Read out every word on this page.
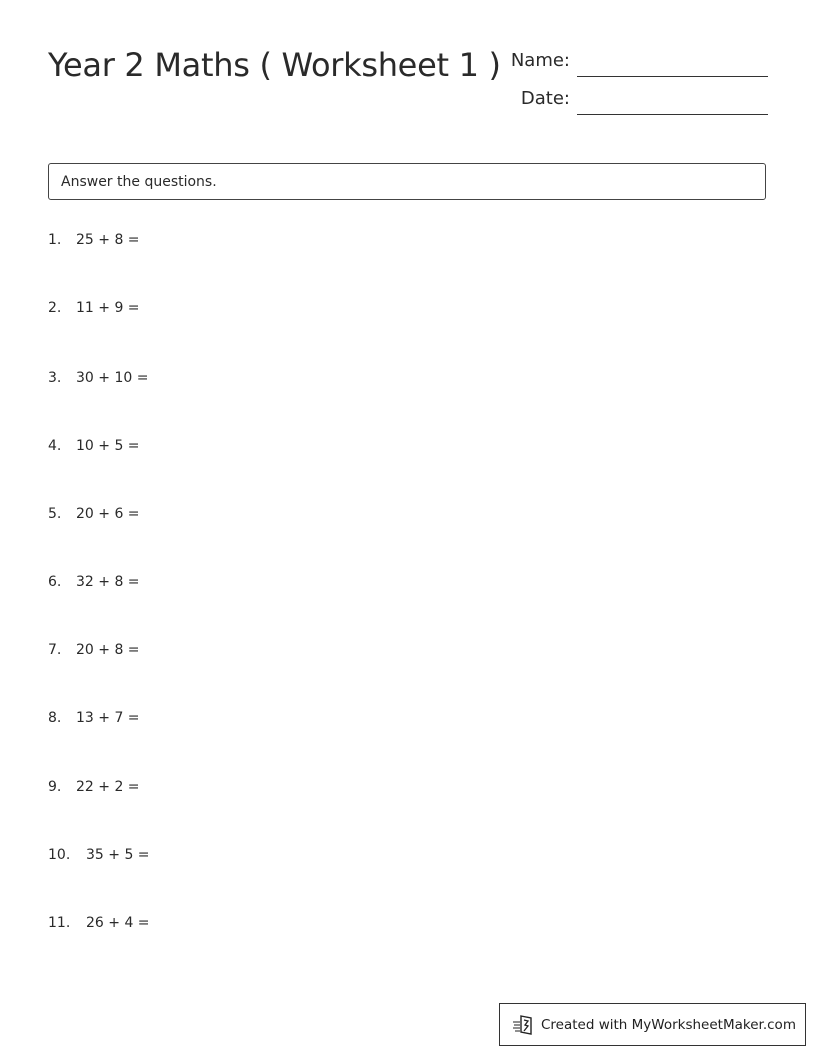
Year 2 Maths ( Worksheet 1 ) Name:
Date:
Answer the questions.
1. 25 + 8 =
2. 11 + 9 =
3. 30 + 10 =
4. 10 + 5 =
5. 20 + 6 =
6. 32 + 8 =
7. 20 + 8 =
8. 13 + 7 =
9. 22 + 2 =
10. 35 + 5 =
11. 26 + 4 =
Created with MyWorksheetMaker.com
